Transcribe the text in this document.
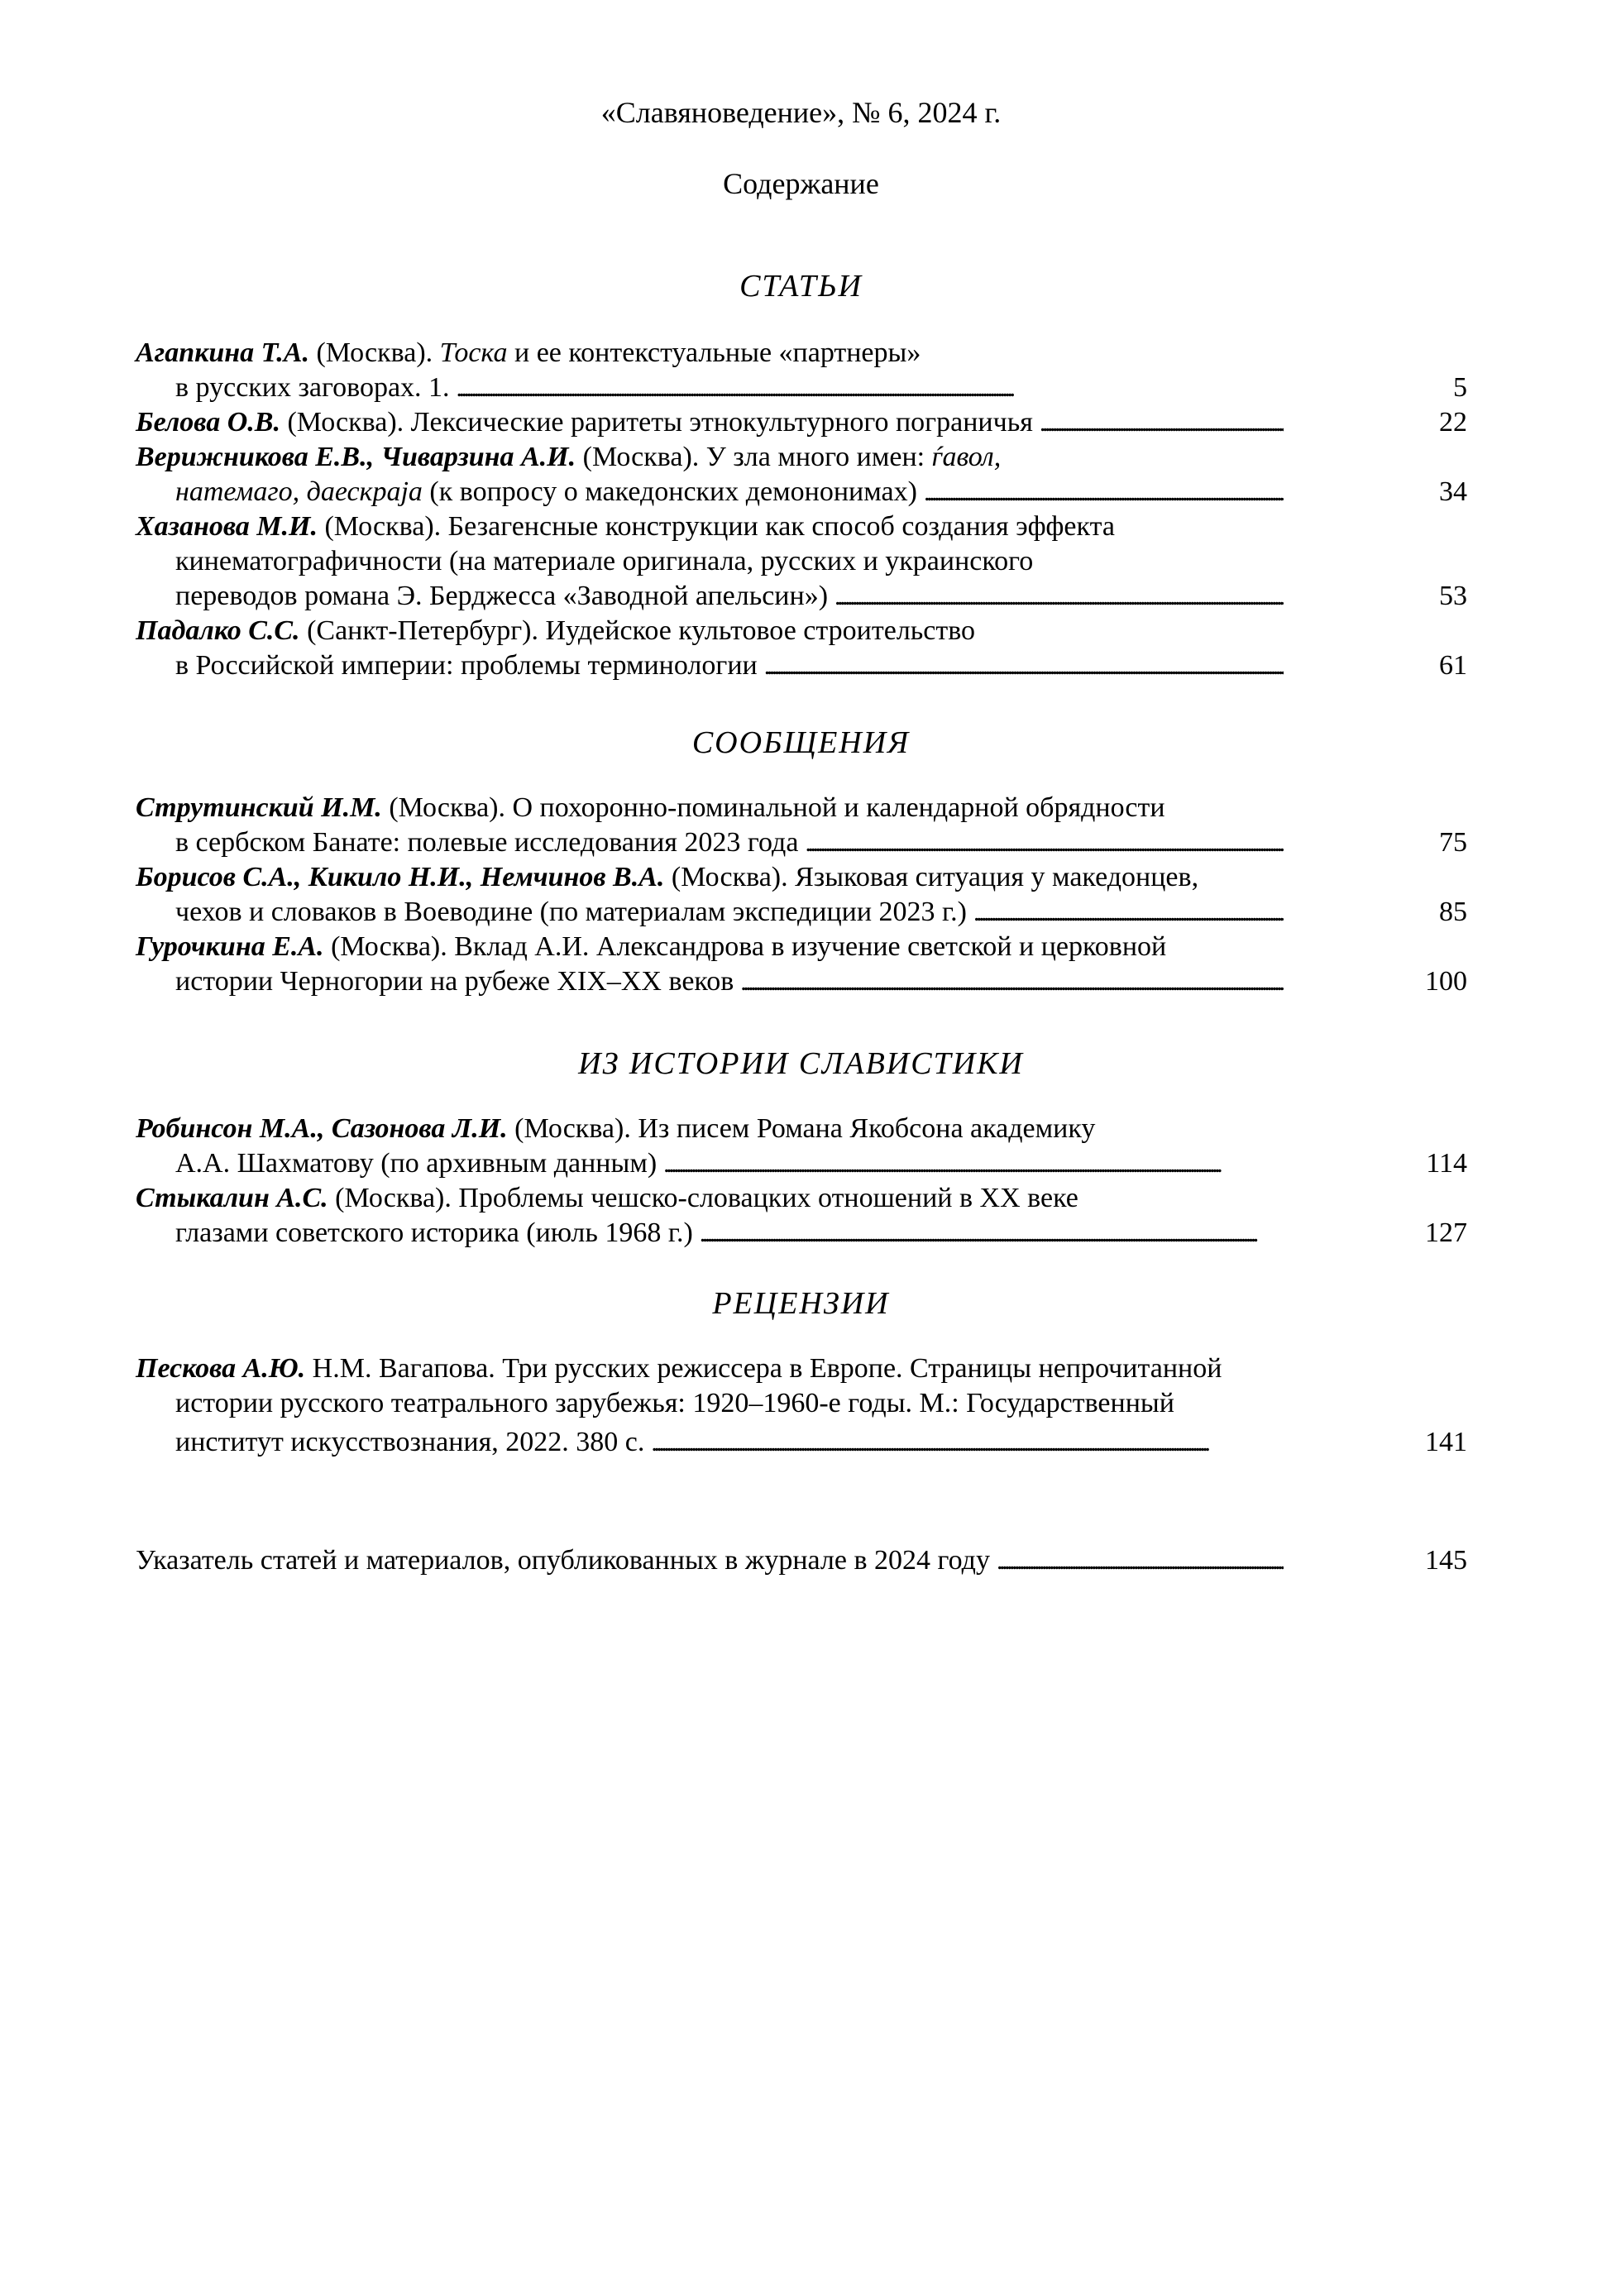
«Славяноведение», № 6, 2024 г.
Содержание
СТАТЬИ
Агапкина Т.А. (Москва). Тоска и ее контекстуальные «партнеры»
в русских заговорах. 1. . . .	5
Белова О.В. (Москва). Лексические раритеты этнокультурного пограничья . . .	22
Верижникова Е.В., Чиварзина А.И. (Москва). У зла много имен: ѓавол,
натемаго, даескраја (к вопросу о македонских демононимах) . . .	34
Хазанова М.И. (Москва). Безагенсные конструкции как способ создания эффекта
кинематографичности (на материале оригинала, русских и украинского
переводов романа Э. Берджесса «Заводной апельсин») . . .	53
Падалко С.С. (Санкт-Петербург). Иудейское культовое строительство
в Российской империи: проблемы терминологии . . .	61
СООБЩЕНИЯ
Струтинский И.М. (Москва). О похоронно-поминальной и календарной обрядности
в сербском Банате: полевые исследования 2023 года . . .	75
Борисов С.А., Кикило Н.И., Немчинов В.А. (Москва). Языковая ситуация у македонцев,
чехов и словаков в Воеводине (по материалам экспедиции 2023 г.) . . .	85
Гурочкина Е.А. (Москва). Вклад А.И. Александрова в изучение светской и церковной
истории Черногории на рубеже XIX–XX веков . . .	100
ИЗ ИСТОРИИ СЛАВИСТИКИ
Робинсон М.А., Сазонова Л.И. (Москва). Из писем Романа Якобсона академику
А.А. Шахматову (по архивным данным) . . .	114
Стыкалин А.С. (Москва). Проблемы чешско-словацких отношений в ХХ веке
глазами советского историка (июль 1968 г.) . . .	127
РЕЦЕНЗИИ
Пескова А.Ю. Н.М. Вагапова. Три русских режиссера в Европе. Страницы непрочитанной
истории русского театрального зарубежья: 1920–1960-е годы. М.: Государственный
институт искусствознания, 2022. 380 с. . . .	141
Указатель статей и материалов, опубликованных в журнале в 2024 году . . .	145
